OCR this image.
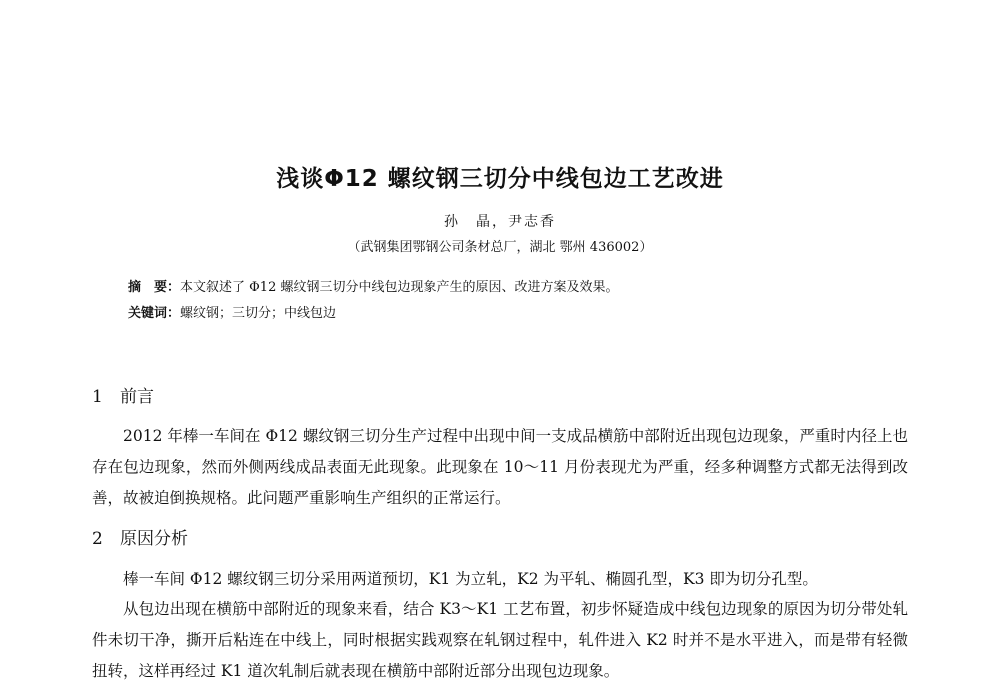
浅谈Φ12 螺纹钢三切分中线包边工艺改进
孙　晶，尹志香
（武钢集团鄂钢公司条材总厂，湖北 鄂州 436002）
摘　要：本文叙述了 Φ12 螺纹钢三切分中线包边现象产生的原因、改进方案及效果。
关键词：螺纹钢；三切分；中线包边
1 前言

2012 年棒一车间在 Φ12 螺纹钢三切分生产过程中出现中间一支成品横筋中部附近出现包边现象，严重时内径上也存在包边现象，然而外侧两线成品表面无此现象。此现象在 10～11 月份表现尤为严重，经多种调整方式都无法得到改善，故被迫倒换规格。此问题严重影响生产组织的正常运行。

2 原因分析

棒一车间 Φ12 螺纹钢三切分采用两道预切，K1 为立轧，K2 为平轧、椭圆孔型，K3 即为切分孔型。

从包边出现在横筋中部附近的现象来看，结合 K3～K1 工艺布置，初步怀疑造成中线包边现象的原因为切分带处轧件未切干净，撕开后粘连在中线上，同时根据实践观察在轧钢过程中，轧件进入 K2 时并不是水平进入，而是带有轻微扭转，这样再经过 K1 道次轧制后就表现在横筋中部附近部分出现包边现象。
